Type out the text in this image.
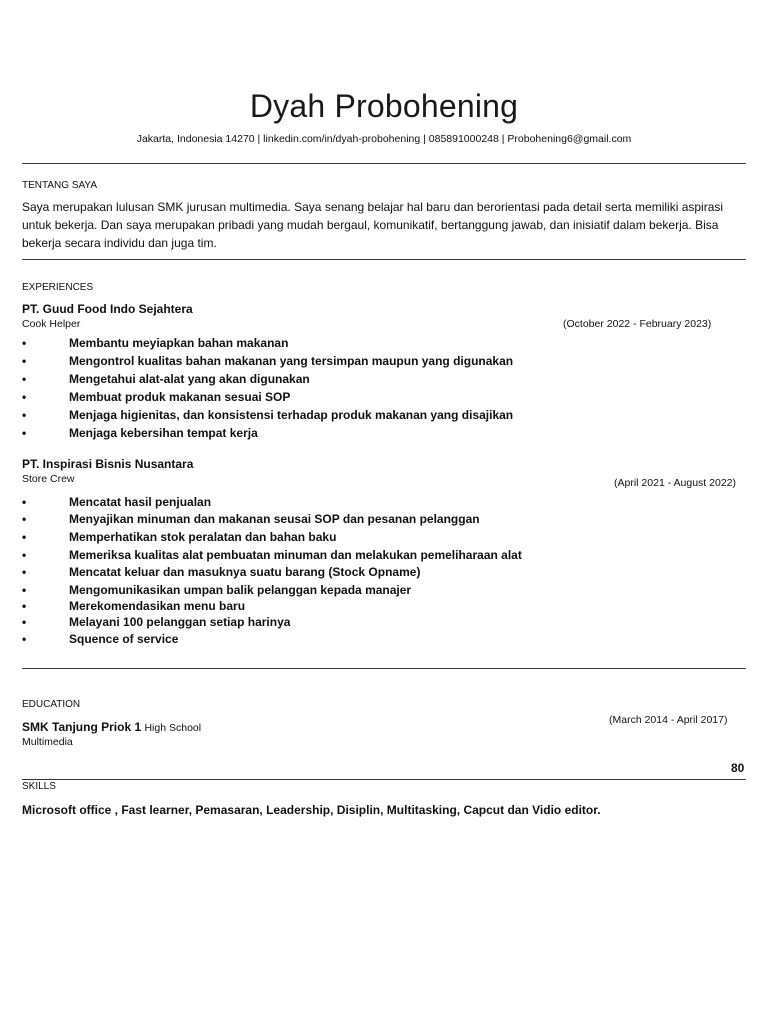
Dyah Probohening
Jakarta, Indonesia 14270 | linkedin.com/in/dyah-probohening | 085891000248 | Probohening6@gmail.com
TENTANG SAYA
Saya merupakan lulusan SMK jurusan multimedia. Saya senang belajar hal baru dan berorientasi pada detail serta memiliki aspirasi untuk bekerja. Dan saya merupakan pribadi yang mudah bergaul, komunikatif, bertanggung jawab, dan inisiatif dalam bekerja. Bisa bekerja secara individu dan juga tim.
EXPERIENCES
PT. Guud Food Indo Sejahtera
Cook Helper	(October 2022 - February 2023)
•	Membantu meyiapkan bahan makanan
•	Mengontrol kualitas bahan makanan yang tersimpan maupun yang digunakan
•	Mengetahui alat-alat yang akan digunakan
•	Membuat produk makanan sesuai SOP
•	Menjaga higienitas, dan konsistensi terhadap produk makanan yang disajikan
•	Menjaga kebersihan tempat kerja
PT. Inspirasi Bisnis Nusantara
Store Crew	(April 2021 - August 2022)
•	Mencatat hasil penjualan
•	Menyajikan minuman dan makanan seusai SOP dan pesanan pelanggan
•	Memperhatikan stok peralatan dan bahan baku
•	Memeriksa kualitas alat pembuatan minuman dan melakukan pemeliharaan alat
•	Mencatat keluar dan masuknya suatu barang (Stock Opname)
•	Mengomunikasikan umpan balik pelanggan kepada manajer
•	Merekomendasikan menu baru
•	Melayani 100 pelanggan setiap harinya
•	Squence of service
EDUCATION
(March 2014 - April 2017)
SMK Tanjung Priok 1 High School
Multimedia
80
SKILLS
Microsoft office , Fast learner, Pemasaran, Leadership, Disiplin, Multitasking, Capcut dan Vidio editor.
